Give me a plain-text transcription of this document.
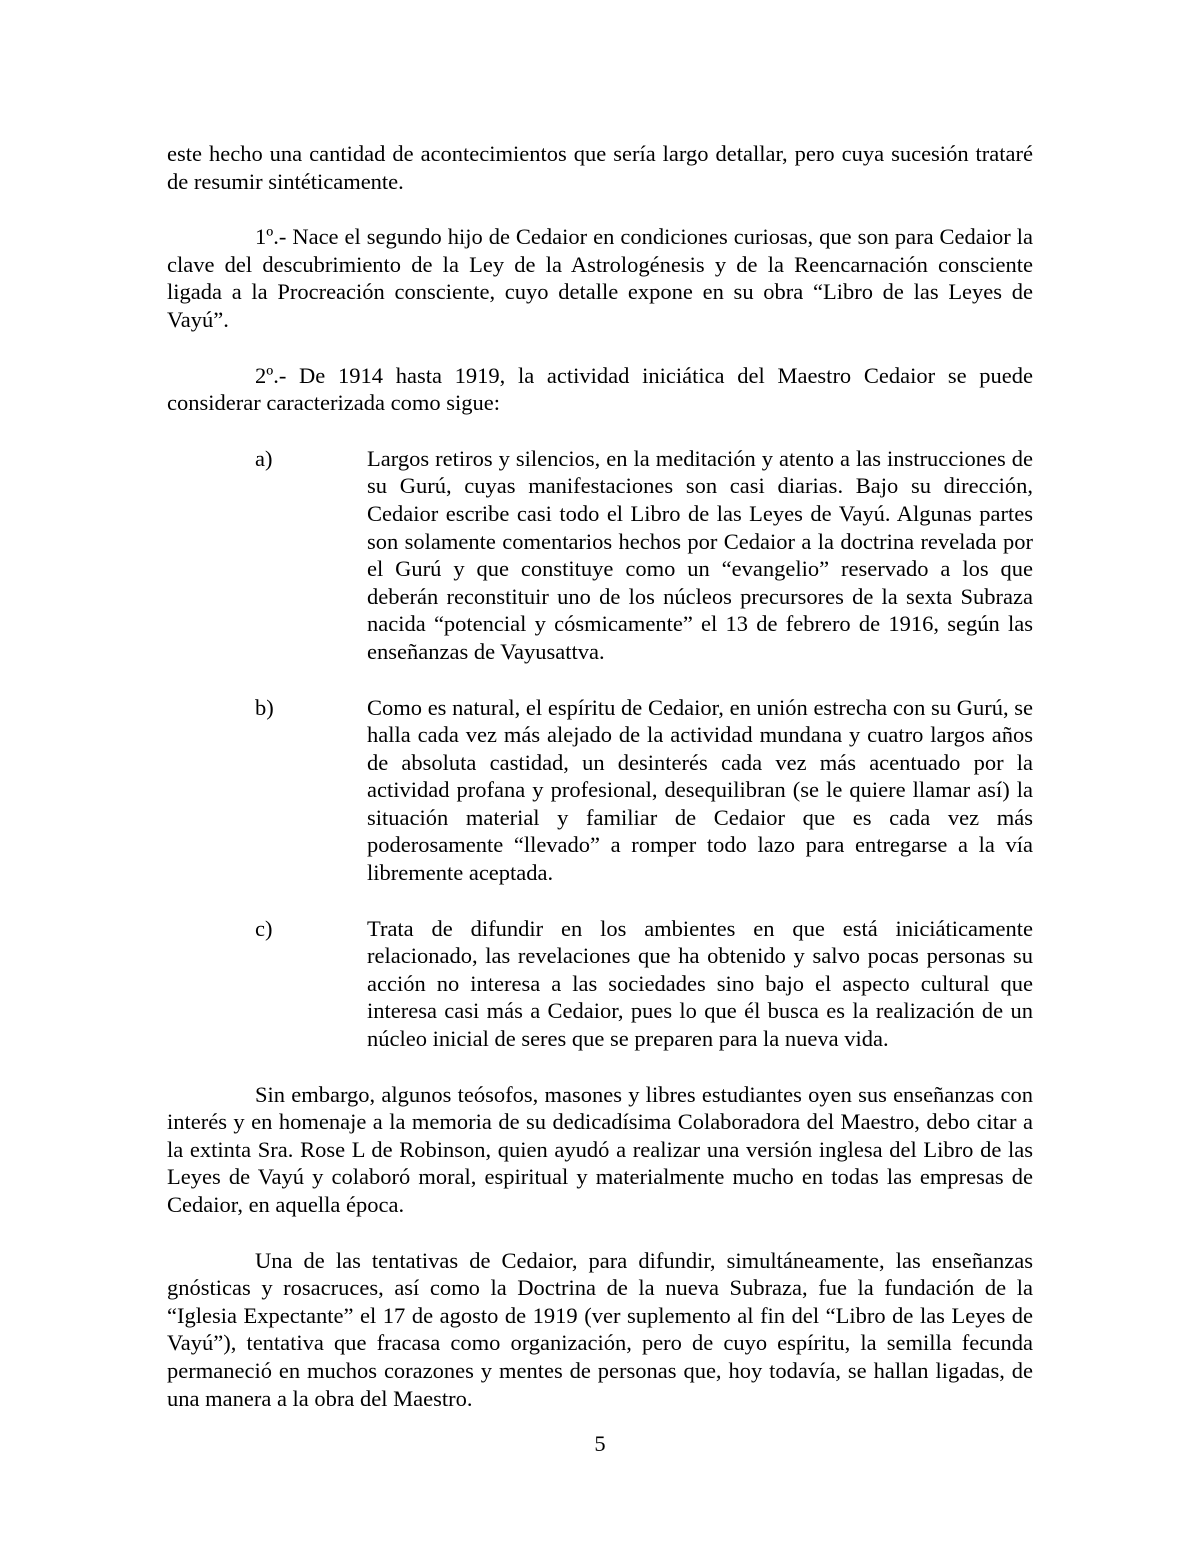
este hecho una cantidad de acontecimientos que sería largo detallar, pero cuya sucesión trataré de resumir sintéticamente.

1º.- Nace el segundo hijo de Cedaior en condiciones curiosas, que son para Cedaior la clave del descubrimiento de la Ley de la Astrologénesis y de la Reencarnación consciente ligada a la Procreación consciente, cuyo detalle expone en su obra “Libro de las Leyes de Vayú”.

2º.- De 1914 hasta 1919, la actividad iniciática del Maestro Cedaior se puede considerar caracterizada como sigue:

a)	Largos retiros y silencios, en la meditación y atento a las instrucciones de su Gurú, cuyas manifestaciones son casi diarias. Bajo su dirección, Cedaior escribe casi todo el Libro de las Leyes de Vayú. Algunas partes son solamente comentarios hechos por Cedaior a la doctrina revelada por el Gurú y que constituye como un “evangelio” reservado a los que deberán reconstituir uno de los núcleos precursores de la sexta Subraza nacida “potencial y cósmicamente” el 13 de febrero de 1916, según las enseñanzas de Vayusattva.
b)	Como es natural, el espíritu de Cedaior, en unión estrecha con su Gurú, se halla cada vez más alejado de la actividad mundana y cuatro largos años de absoluta castidad, un desinterés cada vez más acentuado por la actividad profana y profesional, desequilibran (se le quiere llamar así) la situación material y familiar de Cedaior que es cada vez más poderosamente “llevado” a romper todo lazo para entregarse a la vía libremente aceptada.
c)	Trata de difundir en los ambientes en que está iniciáticamente relacionado, las revelaciones que ha obtenido y salvo pocas personas su acción no interesa a las sociedades sino bajo el aspecto cultural que interesa casi más a Cedaior, pues lo que él busca es la realización de un núcleo inicial de seres que se preparen para la nueva vida.

Sin embargo, algunos teósofos, masones y libres estudiantes oyen sus enseñanzas con interés y en homenaje a la memoria de su dedicadísima Colaboradora del Maestro, debo citar a la extinta Sra. Rose L de Robinson, quien ayudó a realizar una versión inglesa del Libro de las Leyes de Vayú y colaboró moral, espiritual y materialmente mucho en todas las empresas de Cedaior, en aquella época.

Una de las tentativas de Cedaior, para difundir, simultáneamente, las enseñanzas gnósticas y rosacruces, así como la Doctrina de la nueva Subraza, fue la fundación de la “Iglesia Expectante” el 17 de agosto de 1919 (ver suplemento al fin del “Libro de las Leyes de Vayú”), tentativa que fracasa como organización, pero de cuyo espíritu, la semilla fecunda permaneció en muchos corazones y mentes de personas que, hoy todavía, se hallan ligadas, de una manera a la obra del Maestro.

5
